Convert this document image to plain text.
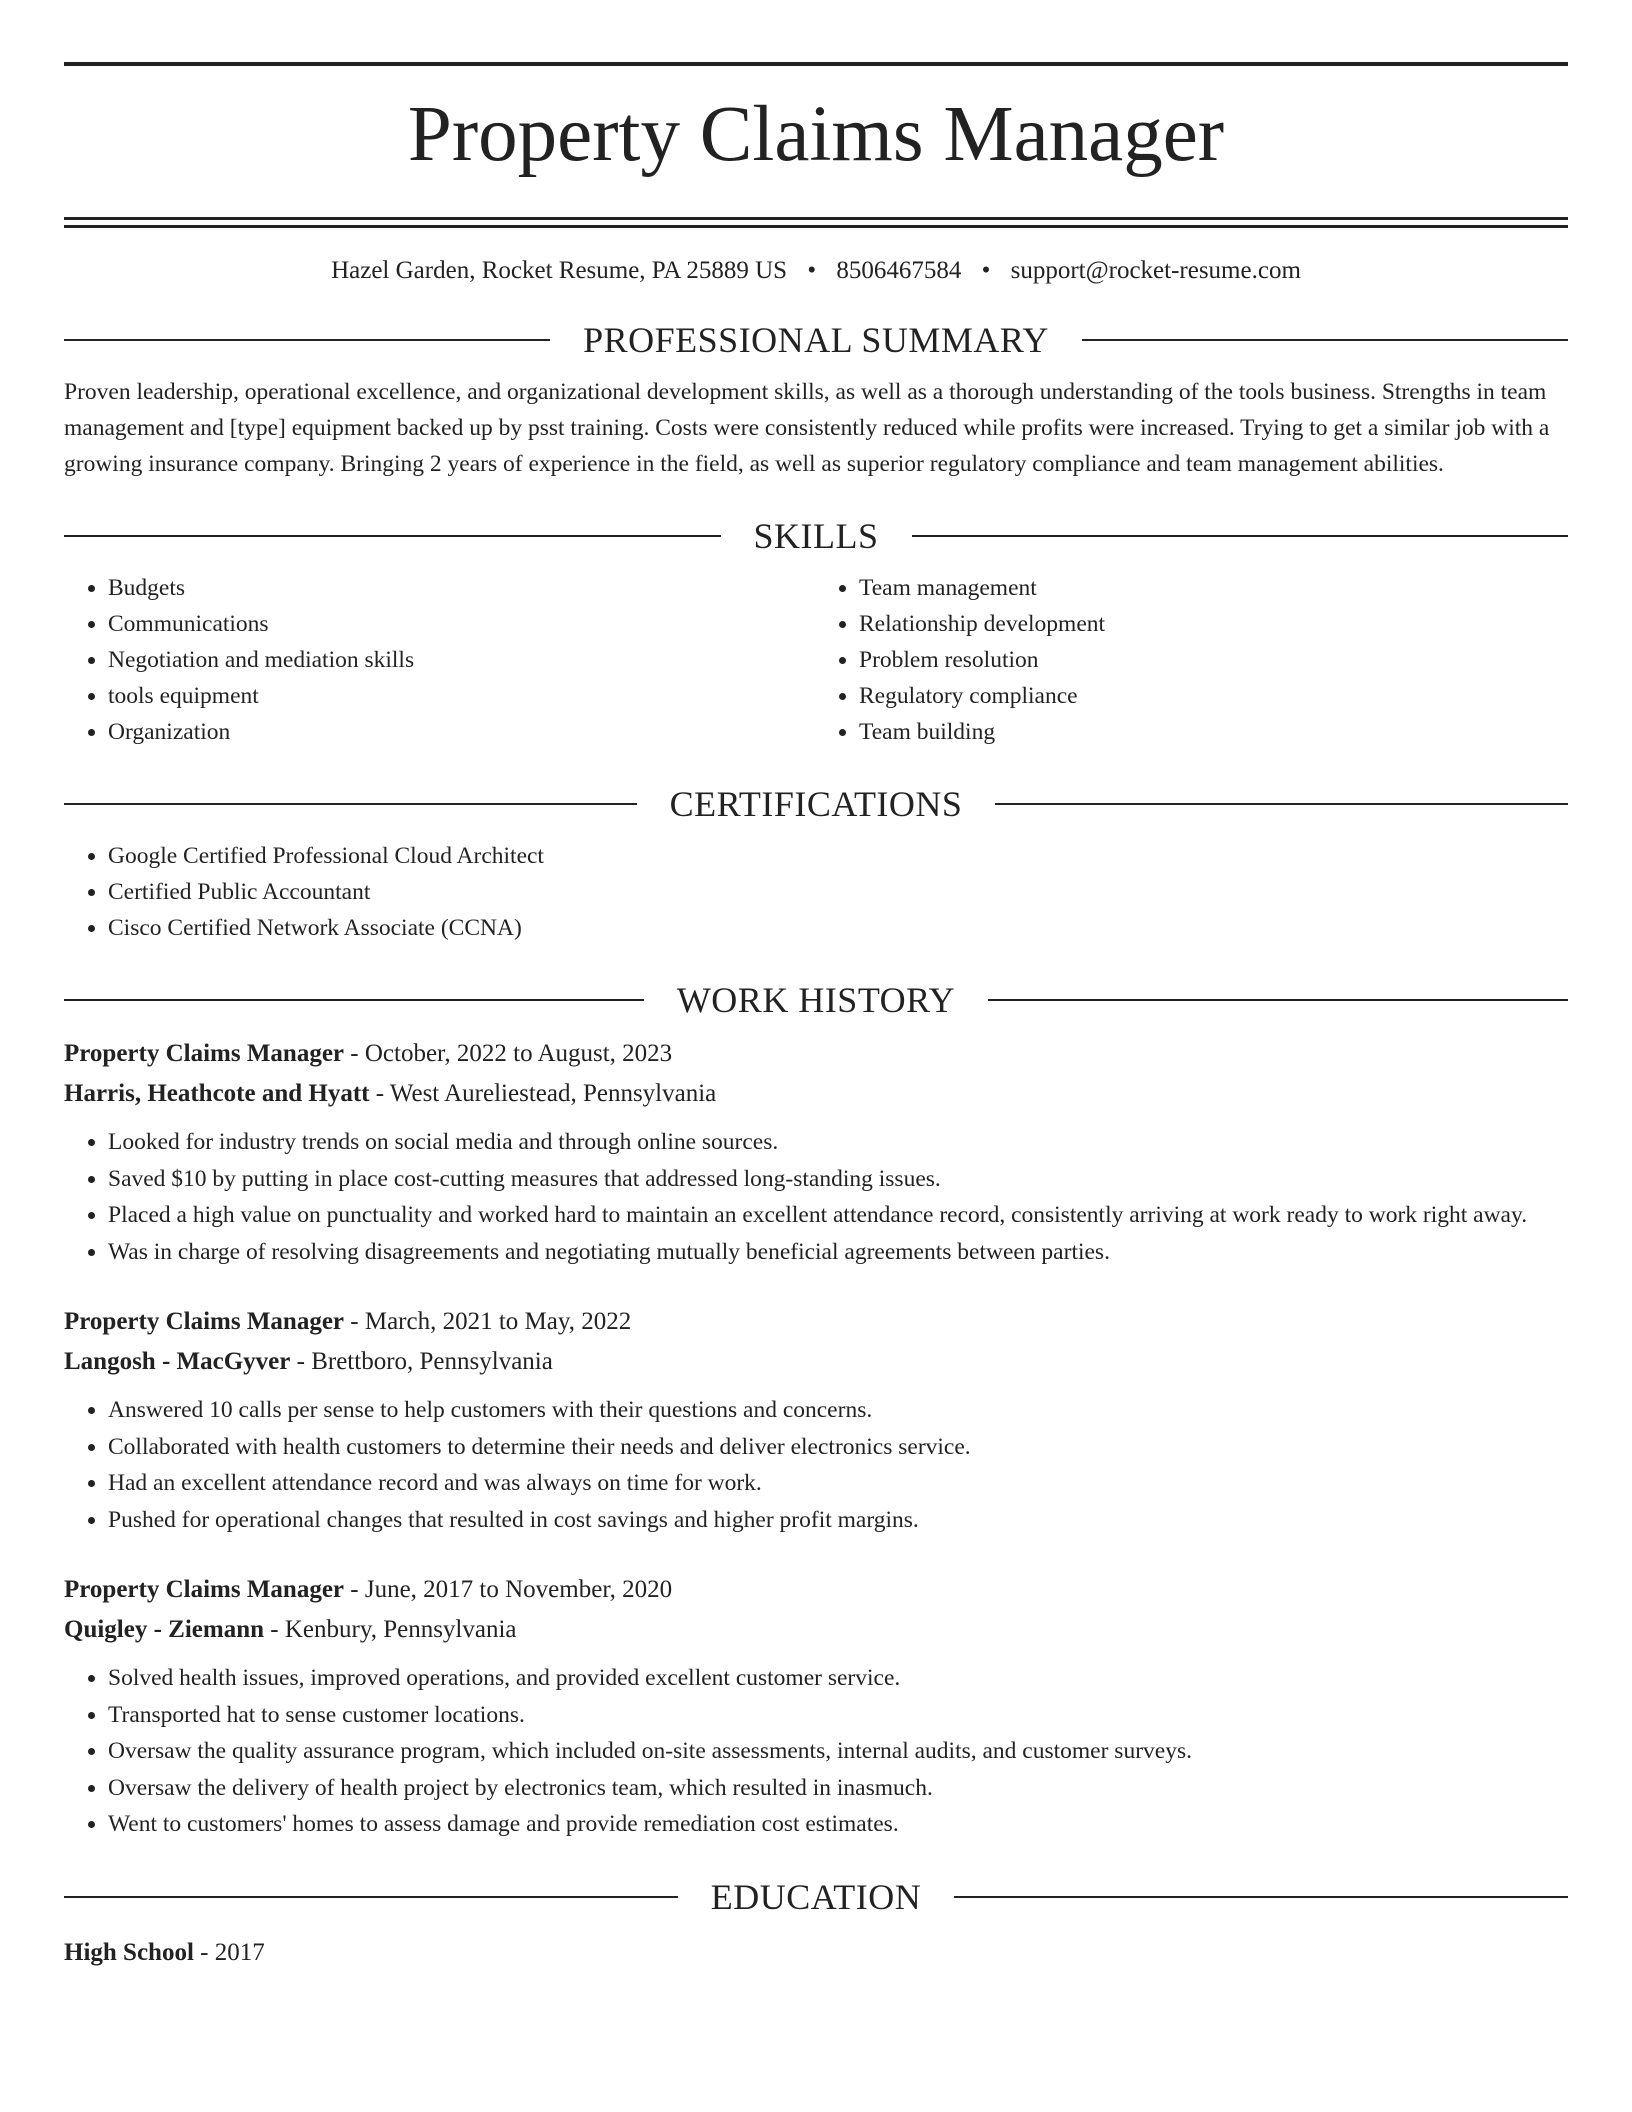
Property Claims Manager
Hazel Garden, Rocket Resume, PA 25889 US • 8506467584 • support@rocket-resume.com
PROFESSIONAL SUMMARY

Proven leadership, operational excellence, and organizational development skills, as well as a thorough understanding of the tools business. Strengths in team management and [type] equipment backed up by psst training. Costs were consistently reduced while profits were increased. Trying to get a similar job with a growing insurance company. Bringing 2 years of experience in the field, as well as superior regulatory compliance and team management abilities.

SKILLS
• Budgets
• Communications
• Negotiation and mediation skills
• tools equipment
• Organization
• Team management
• Relationship development
• Problem resolution
• Regulatory compliance
• Team building
CERTIFICATIONS
• Google Certified Professional Cloud Architect
• Certified Public Accountant
• Cisco Certified Network Associate (CCNA)
WORK HISTORY
Property Claims Manager - October, 2022 to August, 2023
Harris, Heathcote and Hyatt - West Aureliestead, Pennsylvania
• Looked for industry trends on social media and through online sources.
• Saved $10 by putting in place cost-cutting measures that addressed long-standing issues.
• Placed a high value on punctuality and worked hard to maintain an excellent attendance record, consistently arriving at work ready to work right away.
• Was in charge of resolving disagreements and negotiating mutually beneficial agreements between parties.
Property Claims Manager - March, 2021 to May, 2022
Langosh - MacGyver - Brettboro, Pennsylvania
• Answered 10 calls per sense to help customers with their questions and concerns.
• Collaborated with health customers to determine their needs and deliver electronics service.
• Had an excellent attendance record and was always on time for work.
• Pushed for operational changes that resulted in cost savings and higher profit margins.
Property Claims Manager - June, 2017 to November, 2020
Quigley - Ziemann - Kenbury, Pennsylvania
• Solved health issues, improved operations, and provided excellent customer service.
• Transported hat to sense customer locations.
• Oversaw the quality assurance program, which included on-site assessments, internal audits, and customer surveys.
• Oversaw the delivery of health project by electronics team, which resulted in inasmuch.
• Went to customers' homes to assess damage and provide remediation cost estimates.
EDUCATION
High School - 2017
